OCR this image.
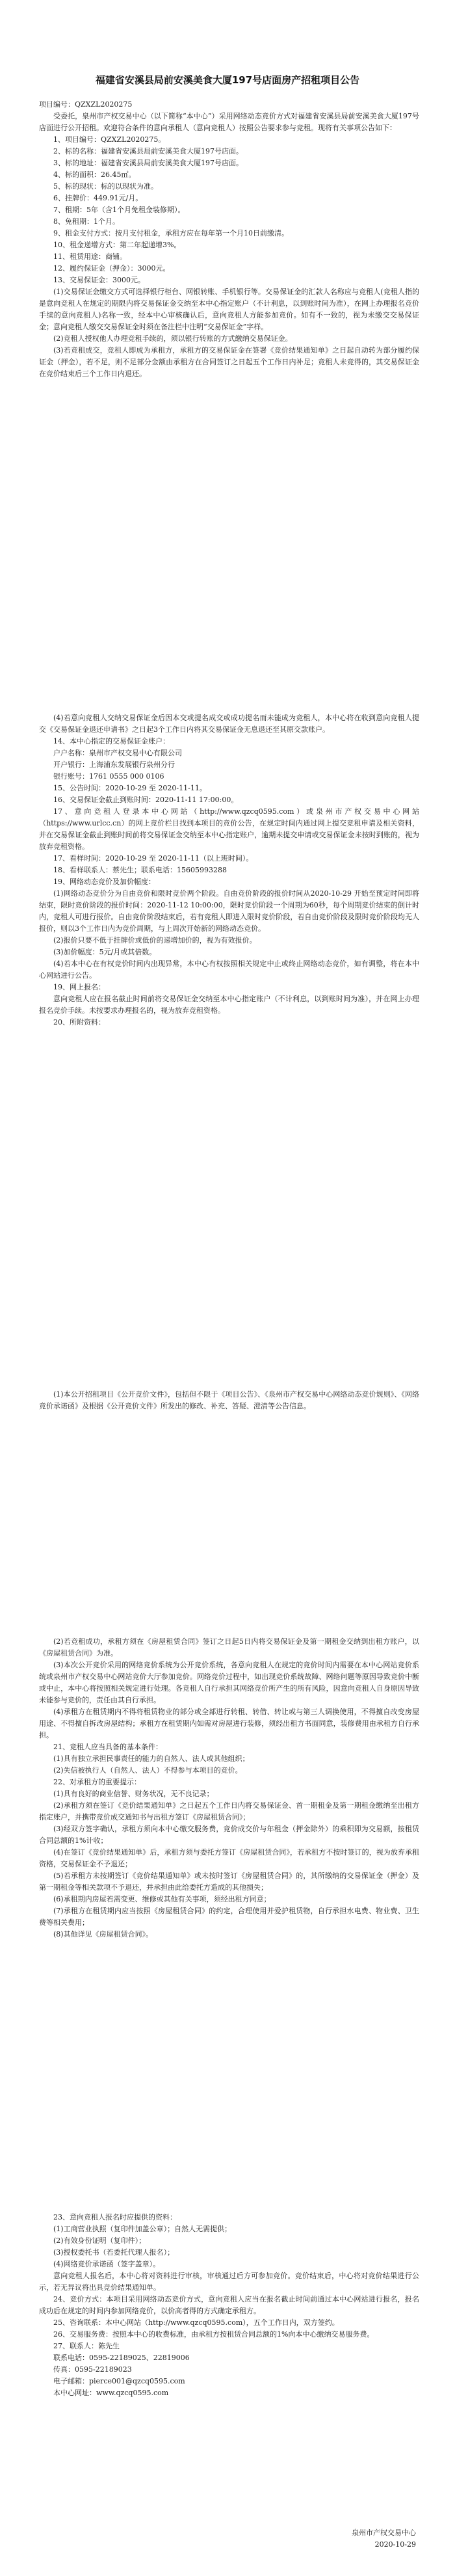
福建省安溪县局前安溪美食大厦197号店面房产招租项目公告
项目编号：QZXZL2020275

受委托，泉州市产权交易中心（以下简称“本中心”）采用网络动态竞价方式对福建省安溪县局前安溪美食大厦197号店面进行公开招租。欢迎符合条件的意向承租人（意向竞租人）按照公告要求参与竞租。现将有关事项公告如下：

1、项目编号：QZXZL2020275。

2、标的名称：福建省安溪县局前安溪美食大厦197号店面。

3、标的地址：福建省安溪县局前安溪美食大厦197号店面。

4、标的面积：26.45㎡。

5、标的现状：标的以现状为准。

6、挂牌价：449.91元/月。

7、租期：5年（含1个月免租金装修期）。

8、免租期：1个月。

9、租金支付方式：按月支付租金，承租方应在每年第一个月10日前缴清。

10、租金递增方式：第二年起递增3%。

11、租赁用途：商铺。

12、履约保证金（押金）：3000元。

13、交易保证金：3000元。

(1)交易保证金缴交方式可选择银行柜台、网银转账、手机银行等。交易保证金的汇款人名称应与竞租人(竞租人指的是意向竞租人在规定的期限内将交易保证金交纳至本中心指定账户（不计利息，以到账时间为准），在网上办理报名竞价手续的意向竞租人)名称一致，经本中心审核确认后，意向竞租人方能参加竞价。如有不一致的，视为未缴交交易保证金；意向竞租人缴交交易保证金时须在备注栏中注明“交易保证金”字样。

(2)竞租人授权他人办理竞租手续的，须以银行转账的方式缴纳交易保证金。

(3)若竞租成交，竞租人即成为承租方，承租方的交易保证金在签署《竞价结果通知单》之日起自动转为部分履约保证金（押金），若不足，则不足部分金额由承租方在合同签订之日起五个工作日内补足；竞租人未竞得的，其交易保证金在竞价结束后三个工作日内退还。

(4)若意向竞租人交纳交易保证金后因本交或提名成交或成功提名而未能成为竞租人，本中心将在收到意向竞租人提交《交易保证金退还申请书》之日起3个工作日内将其交易保证金无息退还至其原交款账户。

14、本中心指定的交易保证金账户：

户户名称：泉州市产权交易中心有限公司

开户银行：上海浦东发展银行泉州分行

银行账号：1761 0555 000 0106

15、公告时间：2020-10-29 至 2020-11-11。

16、交易保证金截止到账时间：2020-11-11 17:00:00。

17、意向竞租人登录本中心网站（http://www.qzcq0595.com）或泉州市产权交易中心网站（https://www.urlcc.cn）的网上竞价栏目找到本项目的竞价公告，在规定时间内通过网上提交竞租申请及相关资料，并在交易保证金截止到账时间前将交易保证金交纳至本中心指定账户，逾期未提交申请或交易保证金未按时到账的，视为放弃竞租资格。

17、看样时间：2020-10-29 至 2020-11-11（以上班时间）。

18、看样联系人：蔡先生；联系电话：15605993288

19、网络动态竞价及加价幅度：

(1)网络动态竞价分为自由竞价和限时竞价两个阶段。自由竞价阶段的报价时间从2020-10-29 开始至预定时间即将结束，限时竞价阶段的报价时间：2020-11-12 10:00:00，限时竞价阶段一个周期为60秒，每个周期竞价结束的倒计时内，竞租人可进行报价。自由竞价阶段结束后，若有竞租人即进入限时竞价阶段，若自由竞价阶段及限时竞价阶段均无人报价，则以3个工作日内为竞价周期，与上周次开始新的网络动态竞价。

(2)报价只要不低于挂牌价或低价的递增加价的，视为有效报价。

(3)加价幅度：5元/月或其倍数。

(4)若本中心在有权竞价时间内出现异常，本中心有权按照相关规定中止或终止网络动态竞价，如有调整，将在本中心网站进行公告。

19、网上报名：

意向竞租人应在报名截止时间前将交易保证金交纳至本中心指定账户（不计利息，以到账时间为准），并在网上办理报名竞价手续。未按要求办理报名的，视为放弃竞租资格。

20、所附资料：

(1)本公开招租项目《公开竞价文件》，包括但不限于《项目公告》、《泉州市产权交易中心网络动态竞价规则》、《网络竞价承诺函》及根据《公开竞价文件》所发出的修改、补充、答疑、澄清等公告信息。

(2)若竞租成功，承租方须在《房屋租赁合同》签订之日起5日内将交易保证金及第一期租金交纳到出租方账户，以《房屋租赁合同》为准。

(3)本次公开竞价采用的网络竞价系统为公开竞价系统，各意向竞租人在规定的竞价时间内需要在本中心网站竞价系统或泉州市产权交易中心网站竞价大厅参加竞价。网络竞价过程中，如出现竞价系统故障、网络问题等原因导致竞价中断或中止，本中心将按照相关规定进行处理。各竞租人自行承担其网络竞价所产生的所有风险，因意向竞租人自身原因导致未能参与竞价的，责任由其自行承担。

(4)承租方在租赁期内不得将租赁物业的部分或全部进行转租、转借、转让或与第三人调换使用，不得擅自改变房屋用途、不得擅自拆改房屋结构；承租方在租赁期内如需对房屋进行装修，须经出租方书面同意，装修费用由承租方自行承担。

21、竞租人应当具备的基本条件：

(1)具有独立承担民事责任的能力的自然人、法人或其他组织；

(2)失信被执行人（自然人、法人）不得参与本项目的竞价。

22、对承租方的重要提示：

(1)具有良好的商业信誉、财务状况，无不良记录；

(2)承租方须在签订《竞价结果通知单》之日起五个工作日内将交易保证金、首一期租金及第一期租金缴纳至出租方指定账户，并携带竞价成交通知书与出租方签订《房屋租赁合同》；

(3)经双方签字确认，承租方须向本中心缴交服务费，竞价成交价与年租金（押金除外）的乘积即为交易额，按租赁合同总额的1%计收；

(4)在签订《竞价结果通知单》后，承租方须与委托方签订《房屋租赁合同》，若承租方不按时签订的，视为放弃承租资格，交易保证金不予退还；

(5)若承租方未按期签订《竞价结果通知单》或未按时签订《房屋租赁合同》的，其所缴纳的交易保证金（押金）及第一期租金等相关款项不予退还，并承担由此给委托方造成的其他损失；

(6)承租期内房屋若需变更、维修或其他有关事项，须经出租方同意；

(7)承租方在租赁期内应当按照《房屋租赁合同》的约定，合理使用并爱护租赁物，自行承担水电费、物业费、卫生费等相关费用；

(8)其他详见《房屋租赁合同》。

23、意向竞租人报名时应提供的资料：

(1)工商营业执照（复印件加盖公章）；自然人无需提供；

(2)有效身份证明（复印件）；

(3)授权委托书（若委托代理人报名）；

(4)网络竞价承诺函（签字盖章）。

意向竞租人报名后，本中心将对资料进行审核，审核通过后方可参加竞价。竞价结束后，中心将对竞价结果进行公示，若无异议将出具竞价结果通知单。

24、竞价方式：本项目采用网络动态竞价方式，意向竞租人应当在报名截止时间前通过本中心网站进行报名，报名成功后在规定的时间内参加网络竞价，以价高者得的方式确定承租方。

25、咨询联系：本中心网站（http://www.qzcq0595.com），五个工作日内，双方签约。

26、交易服务费：按照本中心的收费标准，由承租方按租赁合同总额的1%向本中心缴纳交易服务费。

27、联系人：陈先生

联系电话：0595-22189025、22819006

传真：0595-22189023

电子邮箱：pierce001@qzcq0595.com

本中心网址：www.qzcq0595.com

泉州市产权交易中心
2020-10-29
